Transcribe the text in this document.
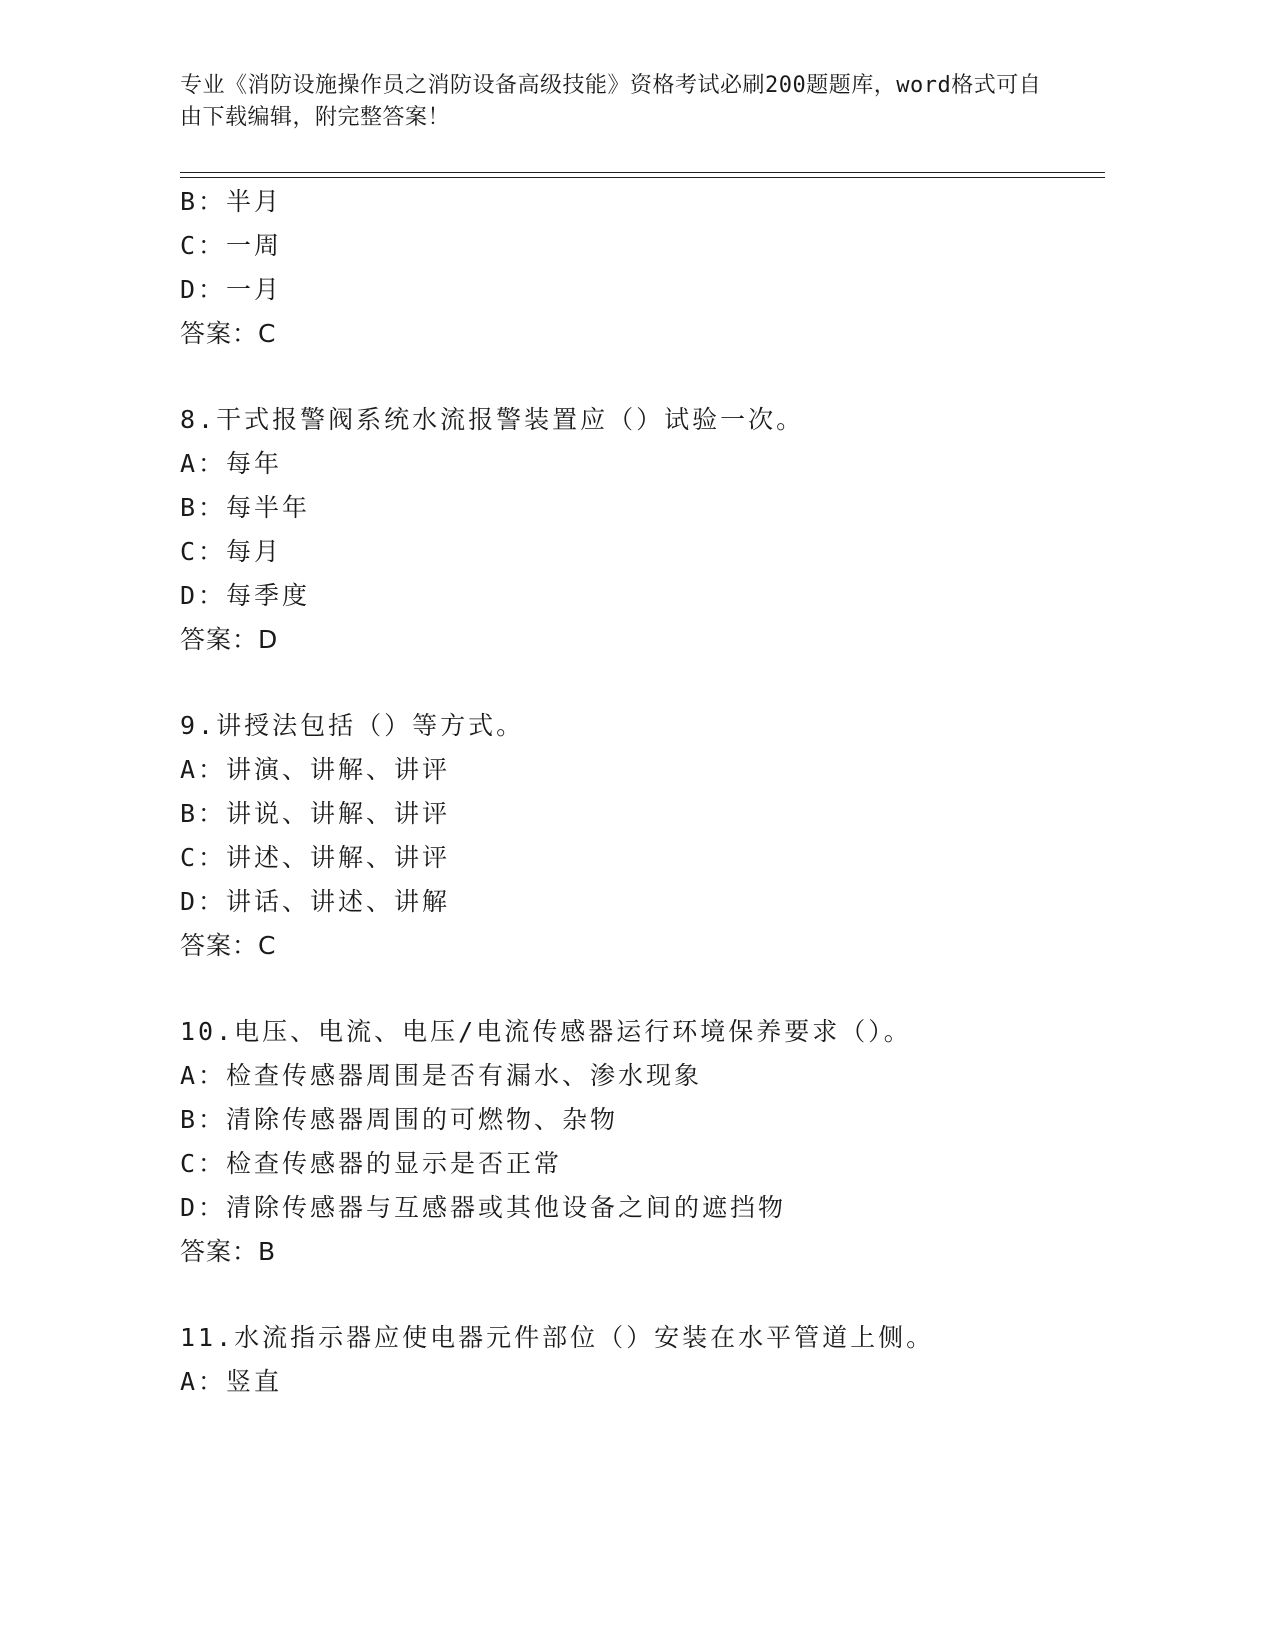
专业《消防设施操作员之消防设备高级技能》资格考试必刷200题题库，word格式可自由下载编辑，附完整答案！
B：半月
C：一周
D：一月
答案：C
8.干式报警阀系统水流报警装置应（）试验一次。
A：每年
B：每半年
C：每月
D：每季度
答案：D
9.讲授法包括（）等方式。
A：讲演、讲解、讲评
B：讲说、讲解、讲评
C：讲述、讲解、讲评
D：讲话、讲述、讲解
答案：C
10.电压、电流、电压/电流传感器运行环境保养要求（）。
A：检查传感器周围是否有漏水、渗水现象
B：清除传感器周围的可燃物、杂物
C：检查传感器的显示是否正常
D：清除传感器与互感器或其他设备之间的遮挡物
答案：B
11.水流指示器应使电器元件部位（）安装在水平管道上侧。
A：竖直
